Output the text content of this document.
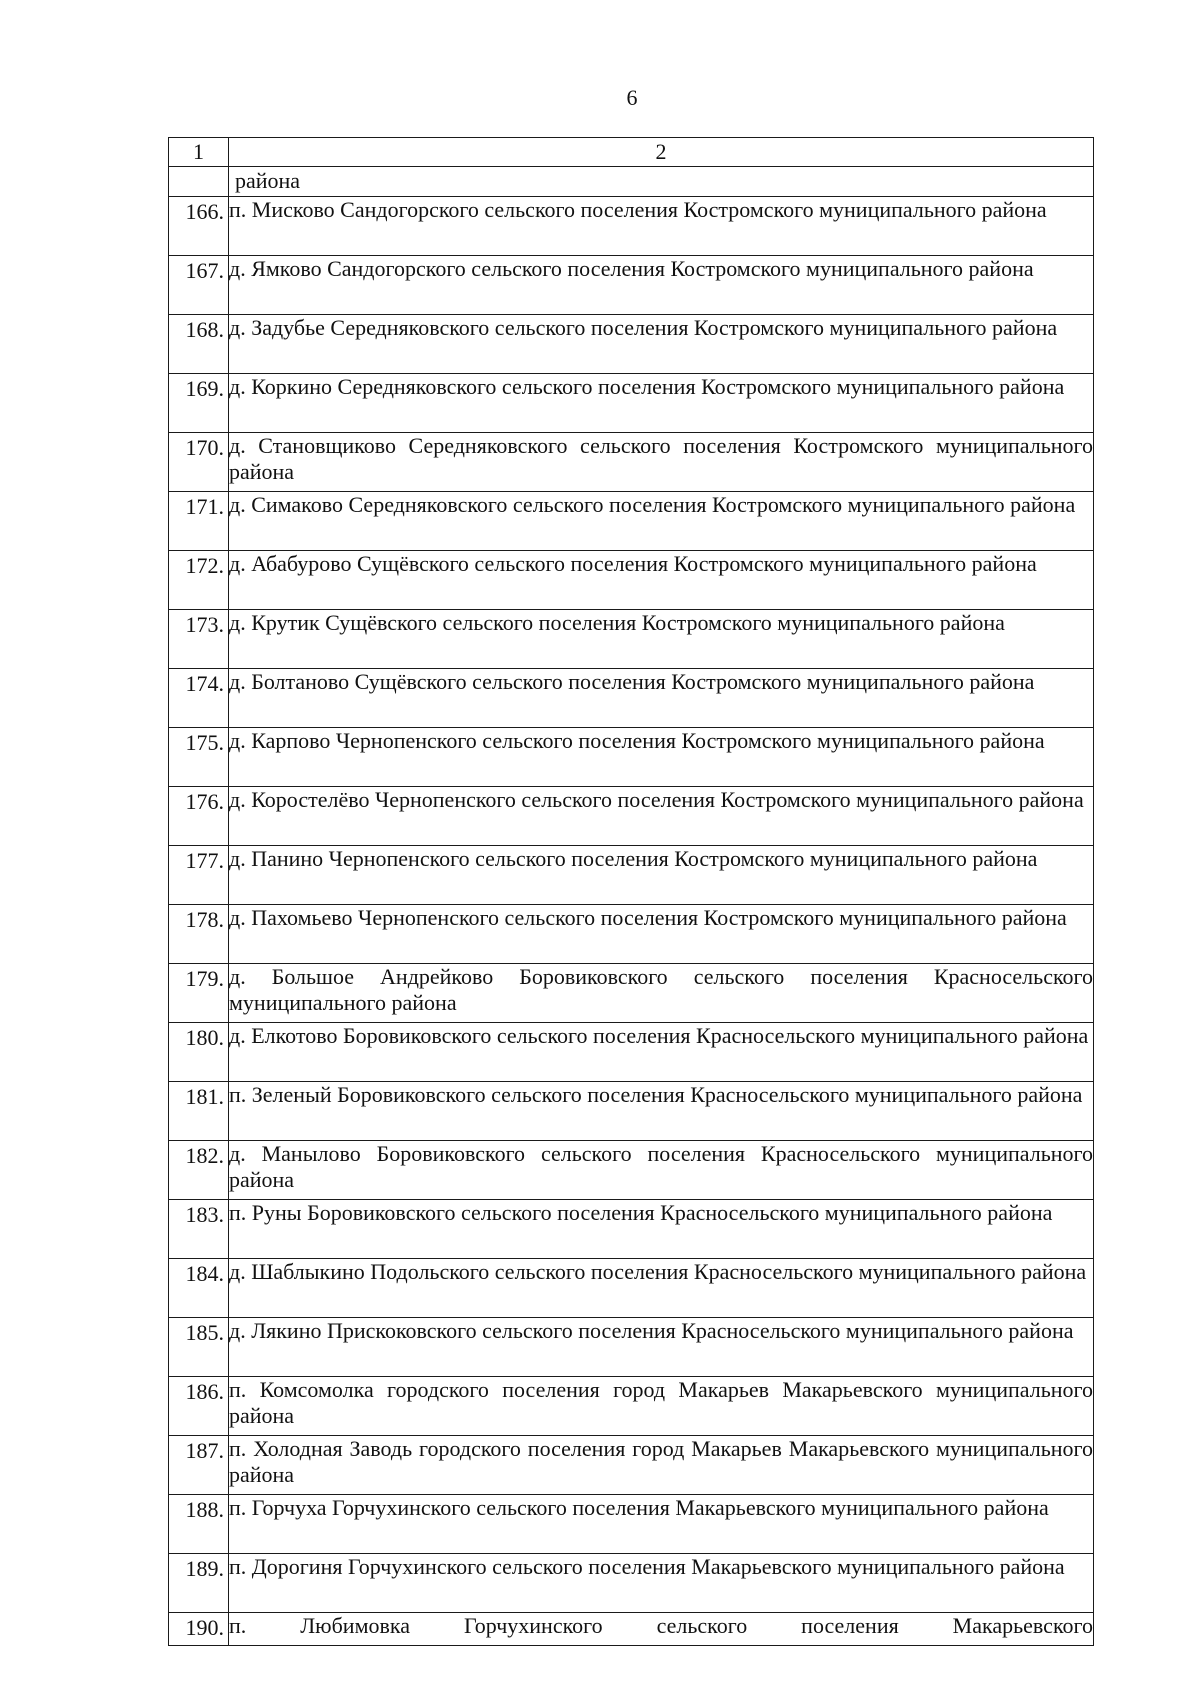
6
1	2
	района
166.	п. Мисково Сандогорского сельского поселения Костромского муниципального района
167.	д. Ямково Сандогорского сельского поселения Костромского муниципального района
168.	д. Задубье Середняковского сельского поселения Костромского муниципального района
169.	д. Коркино Середняковского сельского поселения Костромского муниципального района
170.	д. Становщиково Середняковского сельского поселения Костромского муниципального района
171.	д. Симаково Середняковского сельского поселения Костромского муниципального района
172.	д. Абабурово Сущёвского сельского поселения Костромского муниципального района
173.	д. Крутик Сущёвского сельского поселения Костромского муниципального района
174.	д. Болтаново Сущёвского сельского поселения Костромского муниципального района
175.	д. Карпово Чернопенского сельского поселения Костромского муниципального района
176.	д. Коростелёво Чернопенского сельского поселения Костромского муниципального района
177.	д. Панино Чернопенского сельского поселения Костромского муниципального района
178.	д. Пахомьево Чернопенского сельского поселения Костромского муниципального района
179.	д. Большое Андрейково Боровиковского сельского поселения Красносельского муниципального района
180.	д. Елкотово Боровиковского сельского поселения Красносельского муниципального района
181.	п. Зеленый Боровиковского сельского поселения Красносельского муниципального района
182.	д. Манылово Боровиковского сельского поселения Красносельского муниципального района
183.	п. Руны Боровиковского сельского поселения Красносельского муниципального района
184.	д. Шаблыкино Подольского сельского поселения Красносельского муниципального района
185.	д. Лякино Прискоковского сельского поселения Красносельского муниципального района
186.	п. Комсомолка городского поселения город Макарьев Макарьевского муниципального района
187.	п. Холодная Заводь городского поселения город Макарьев Макарьевского муниципального района
188.	п. Горчуха Горчухинского сельского поселения Макарьевского муниципального района
189.	п. Дорогиня Горчухинского сельского поселения Макарьевского муниципального района
190.	п. Любимовка Горчухинского сельского поселения Макарьевского
